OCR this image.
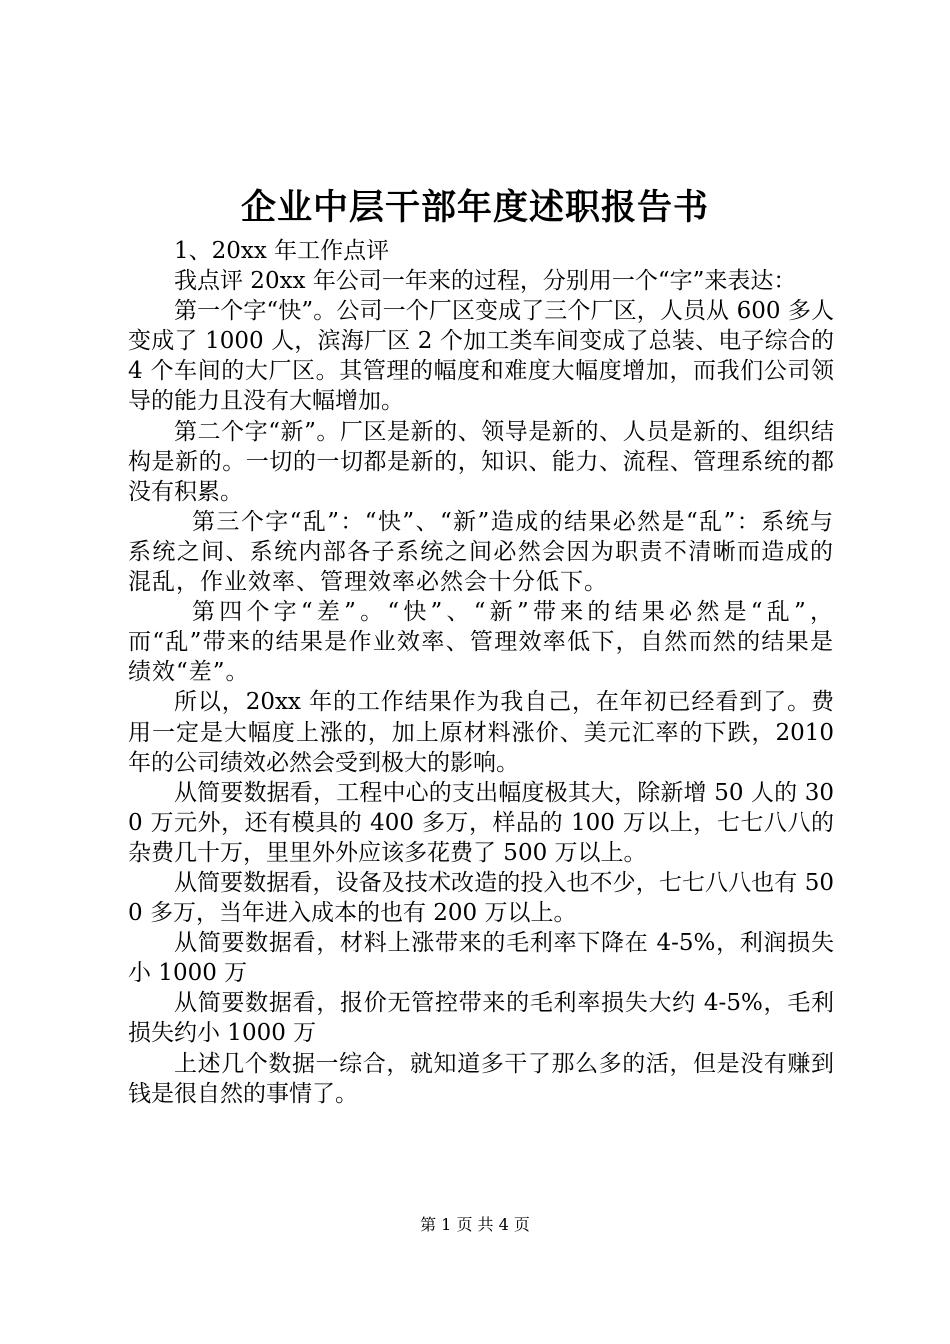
企业中层干部年度述职报告书

1、20xx 年工作点评

我点评 20xx 年公司一年来的过程，分别用一个“字”来表达：

第一个字“快”。公司一个厂区变成了三个厂区，人员从 600 多人变成了 1000 人，滨海厂区 2 个加工类车间变成了总装、电子综合的 4 个车间的大厂区。其管理的幅度和难度大幅度增加，而我们公司领导的能力且没有大幅增加。

第二个字“新”。厂区是新的、领导是新的、人员是新的、组织结构是新的。一切的一切都是新的，知识、能力、流程、管理系统的都没有积累。

第三个字“乱”：“快”、“新”造成的结果必然是“乱”：系统与系统之间、系统内部各子系统之间必然会因为职责不清晰而造成的混乱，作业效率、管理效率必然会十分低下。

第四个字“差”。“快”、“新”带来的结果必然是“乱”，而“乱”带来的结果是作业效率、管理效率低下，自然而然的结果是绩效“差”。

所以，20xx 年的工作结果作为我自己，在年初已经看到了。费用一定是大幅度上涨的，加上原材料涨价、美元汇率的下跌，2010 年的公司绩效必然会受到极大的影响。

从简要数据看，工程中心的支出幅度极其大，除新增 50 人的 300 万元外，还有模具的 400 多万，样品的 100 万以上，七七八八的杂费几十万，里里外外应该多花费了 500 万以上。

从简要数据看，设备及技术改造的投入也不少，七七八八也有 500 多万，当年进入成本的也有 200 万以上。

从简要数据看，材料上涨带来的毛利率下降在 4-5%，利润损失小 1000 万

从简要数据看，报价无管控带来的毛利率损失大约 4-5%，毛利损失约小 1000 万

上述几个数据一综合，就知道多干了那么多的活，但是没有赚到钱是很自然的事情了。

第 1 页 共 4 页
